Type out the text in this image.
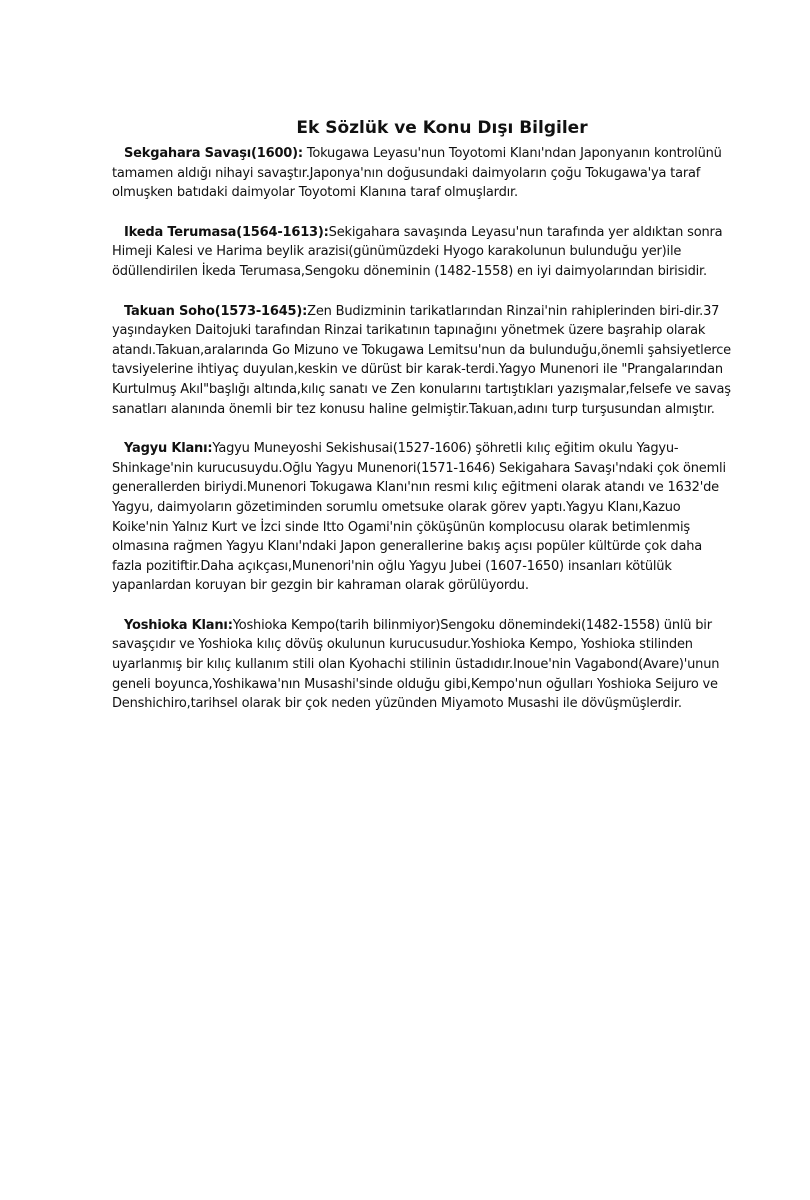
Ek Sözlük ve Konu Dışı Bilgiler

Sekgahara Savaşı(1600): Tokugawa Leyasu'nun Toyotomi Klanı'ndan Japonyanın kontrolünü tamamen aldığı nihayi savaştır.Japonya'nın doğusundaki daimyoların çoğu Tokugawa'ya taraf olmuşken batıdaki daimyolar Toyotomi Klanına taraf olmuşlardır.

Ikeda Terumasa(1564-1613):Sekigahara savaşında Leyasu'nun tarafında yer aldıktan sonra Himeji Kalesi ve Harima beylik arazisi(günümüzdeki Hyogo karakolunun bulunduğu yer)ile ödüllendirilen İkeda Terumasa,Sengoku döneminin (1482-1558) en iyi daimyolarından birisidir.

Takuan Soho(1573-1645):Zen Budizminin tarikatlarından Rinzai'nin rahiplerinden biri-dir.37 yaşındayken Daitojuki tarafından Rinzai tarikatının tapınağını yönetmek üzere başrahip olarak atandı.Takuan,aralarında Go Mizuno ve Tokugawa Lemitsu'nun da bulunduğu,önemli şahsiyetlerce tavsiyelerine ihtiyaç duyulan,keskin ve dürüst bir karak-terdi.Yagyo Munenori ile "Prangalarından Kurtulmuş Akıl"başlığı altında,kılıç sanatı ve Zen konularını tartıştıkları yazışmalar,felsefe ve savaş sanatları alanında önemli bir tez konusu haline gelmiştir.Takuan,adını turp turşusundan almıştır.

Yagyu Klanı:Yagyu Muneyoshi Sekishusai(1527-1606) şöhretli kılıç eğitim okulu Yagyu-Shinkage'nin kurucusuydu.Oğlu Yagyu Munenori(1571-1646) Sekigahara Savaşı'ndaki çok önemli generallerden biriydi.Munenori Tokugawa Klanı'nın resmi kılıç eğitmeni olarak atandı ve 1632'de Yagyu, daimyoların gözetiminden sorumlu ometsuke olarak görev yaptı.Yagyu Klanı,Kazuo Koike'nin Yalnız Kurt ve İzci sinde Itto Ogami'nin çöküşünün komplocusu olarak betimlenmiş olmasına rağmen Yagyu Klanı'ndaki Japon generallerine bakış açısı popüler kültürde çok daha fazla pozitiftir.Daha açıkçası,Munenori'nin oğlu Yagyu Jubei (1607-1650) insanları kötülük yapanlardan koruyan bir gezgin bir kahraman olarak görülüyordu.

Yoshioka Klanı:Yoshioka Kempo(tarih bilinmiyor)Sengoku dönemindeki(1482-1558) ünlü bir savaşçıdır ve Yoshioka kılıç dövüş okulunun kurucusudur.Yoshioka Kempo, Yoshioka stilinden uyarlanmış bir kılıç kullanım stili olan Kyohachi stilinin üstadıdır.Inoue'nin Vagabond(Avare)'unun geneli boyunca,Yoshikawa'nın Musashi'sinde olduğu gibi,Kempo'nun oğulları Yoshioka Seijuro ve Denshichiro,tarihsel olarak bir çok neden yüzünden Miyamoto Musashi ile dövüşmüşlerdir.
